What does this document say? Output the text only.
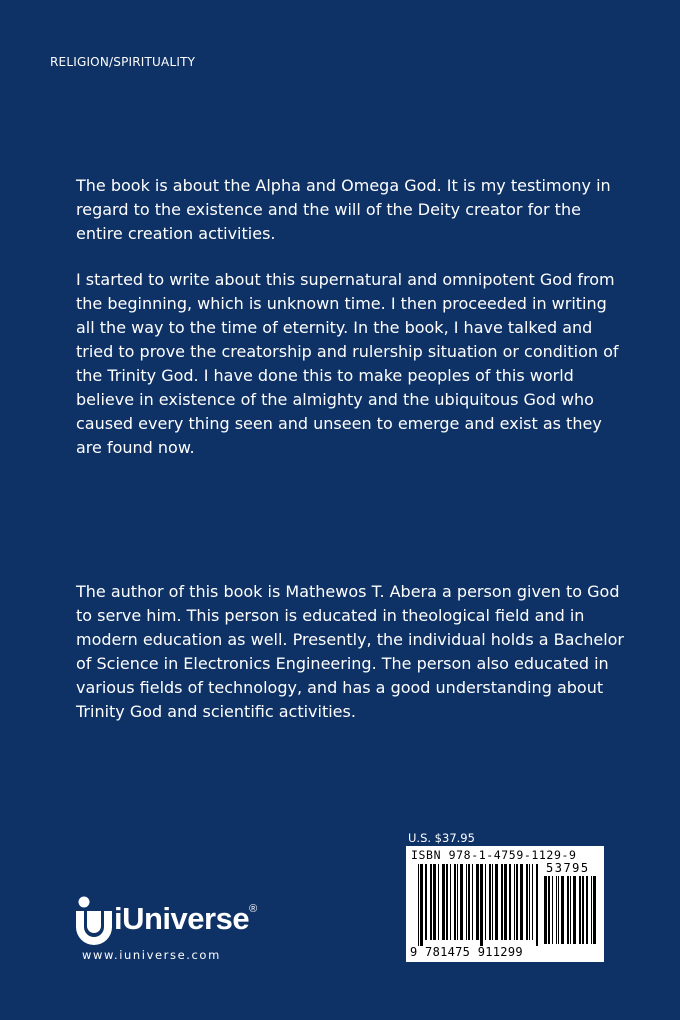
RELIGION/SPIRITUALITY

The book is about the Alpha and Omega God. It is my testimony in regard to the existence and the will of the Deity creator for the entire creation activities.

I started to write about this supernatural and omnipotent God from the beginning, which is unknown time. I then proceeded in writing all the way to the time of eternity. In the book, I have talked and tried to prove the creatorship and rulership situation or condition of the Trinity God. I have done this to make peoples of this world believe in existence of the almighty and the ubiquitous God who caused every thing seen and unseen to emerge and exist as they are found now.

The author of this book is Mathewos T. Abera a person given to God to serve him. This person is educated in theological field and in modern education as well. Presently, the individual holds a Bachelor of Science in Electronics Engineering. The person also educated in various fields of technology, and has a good understanding about Trinity God and scientific activities.

iUniverse®
www.iuniverse.com
U.S. $37.95
ISBN 978-1-4759-1129-9
53795
9 781475 911299
